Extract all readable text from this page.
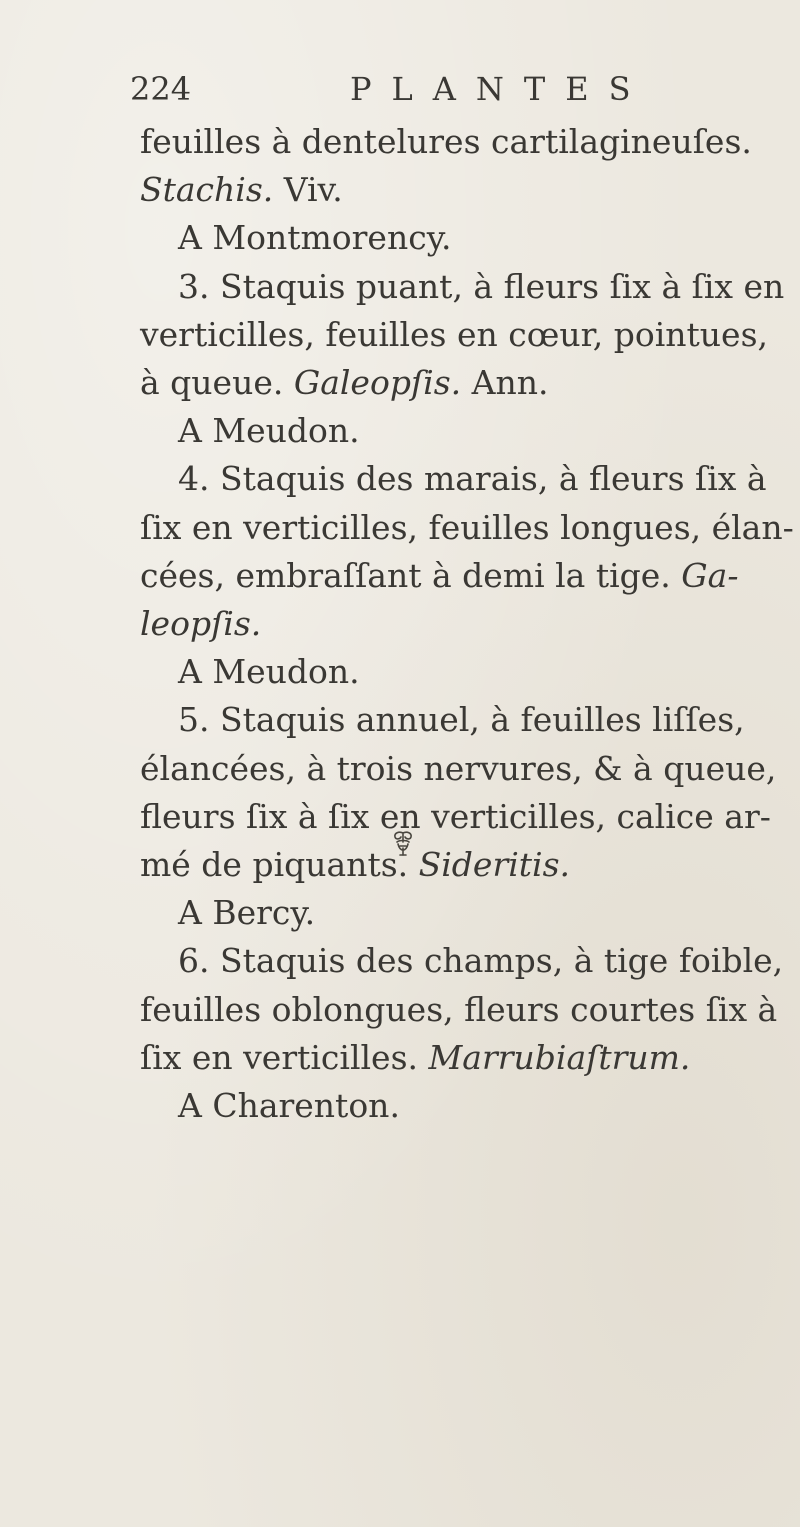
224	PLANTES
feuilles à dentelures cartilagineuſes.
Stachis. Viv.
A Montmorency.
3. Staquis puant, à fleurs ſix à ſix en
verticilles, feuilles en cœur, pointues,
à queue. Galeopſis. Ann.
A Meudon.
4. Staquis des marais, à fleurs ſix à
ſix en verticilles, feuilles longues, élan-
cées, embraſſant à demi la tige. Ga-
leopſis.
A Meudon.
5. Staquis annuel, à feuilles liſſes,
élancées, à trois nervures, & à queue,
fleurs ſix à ſix en verticilles, calice ar-
mé de piquants. Sideritis.
A Bercy.
6. Staquis des champs, à tige foible,
feuilles oblongues, fleurs courtes ſix à
ſix en verticilles. Marrubiaſtrum.
A Charenton.
